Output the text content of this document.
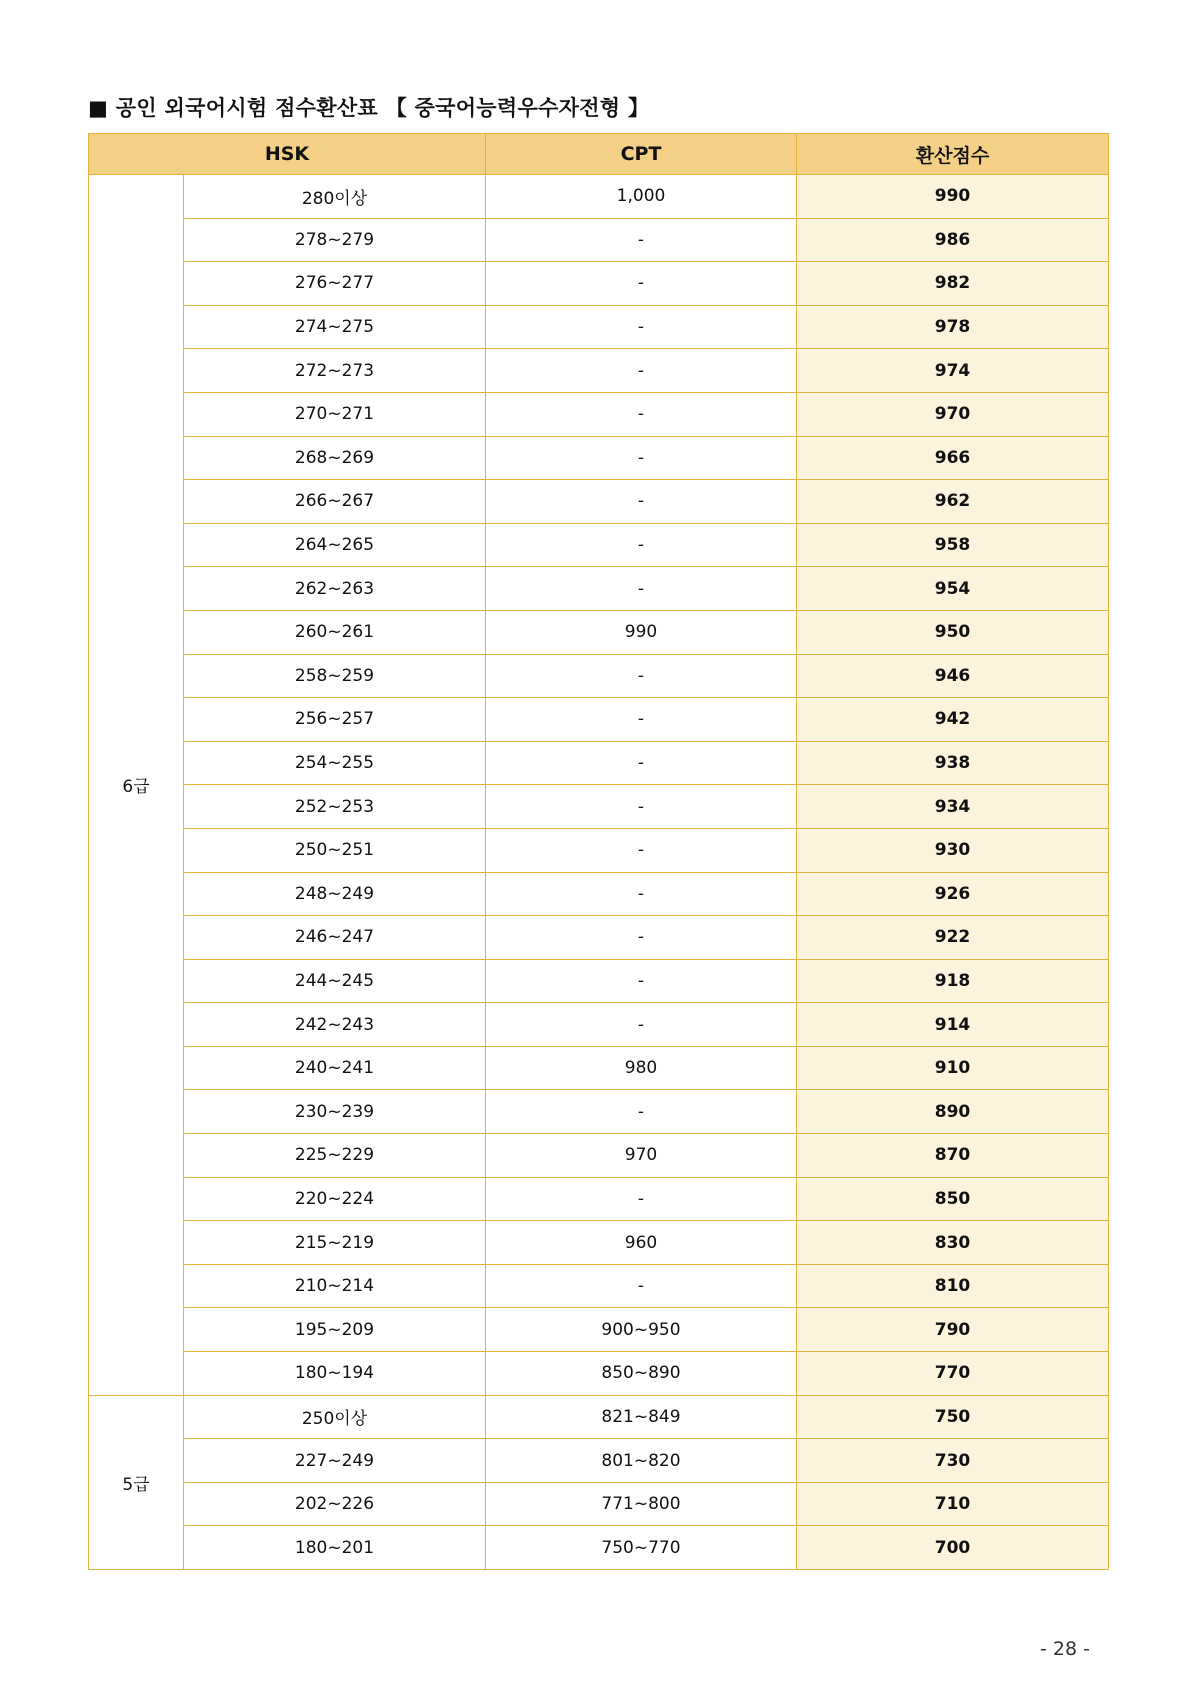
■ 공인 외국어시험 점수환산표 【 중국어능력우수자전형 】
HSK		CPT	환산점수
6급	280이상	1,000	990
	278~279	-	986
	276~277	-	982
	274~275	-	978
	272~273	-	974
	270~271	-	970
	268~269	-	966
	266~267	-	962
	264~265	-	958
	262~263	-	954
	260~261	990	950
	258~259	-	946
	256~257	-	942
	254~255	-	938
	252~253	-	934
	250~251	-	930
	248~249	-	926
	246~247	-	922
	244~245	-	918
	242~243	-	914
	240~241	980	910
	230~239	-	890
	225~229	970	870
	220~224	-	850
	215~219	960	830
	210~214	-	810
	195~209	900~950	790
	180~194	850~890	770
5급	250이상	821~849	750
	227~249	801~820	730
	202~226	771~800	710
	180~201	750~770	700
- 28 -
